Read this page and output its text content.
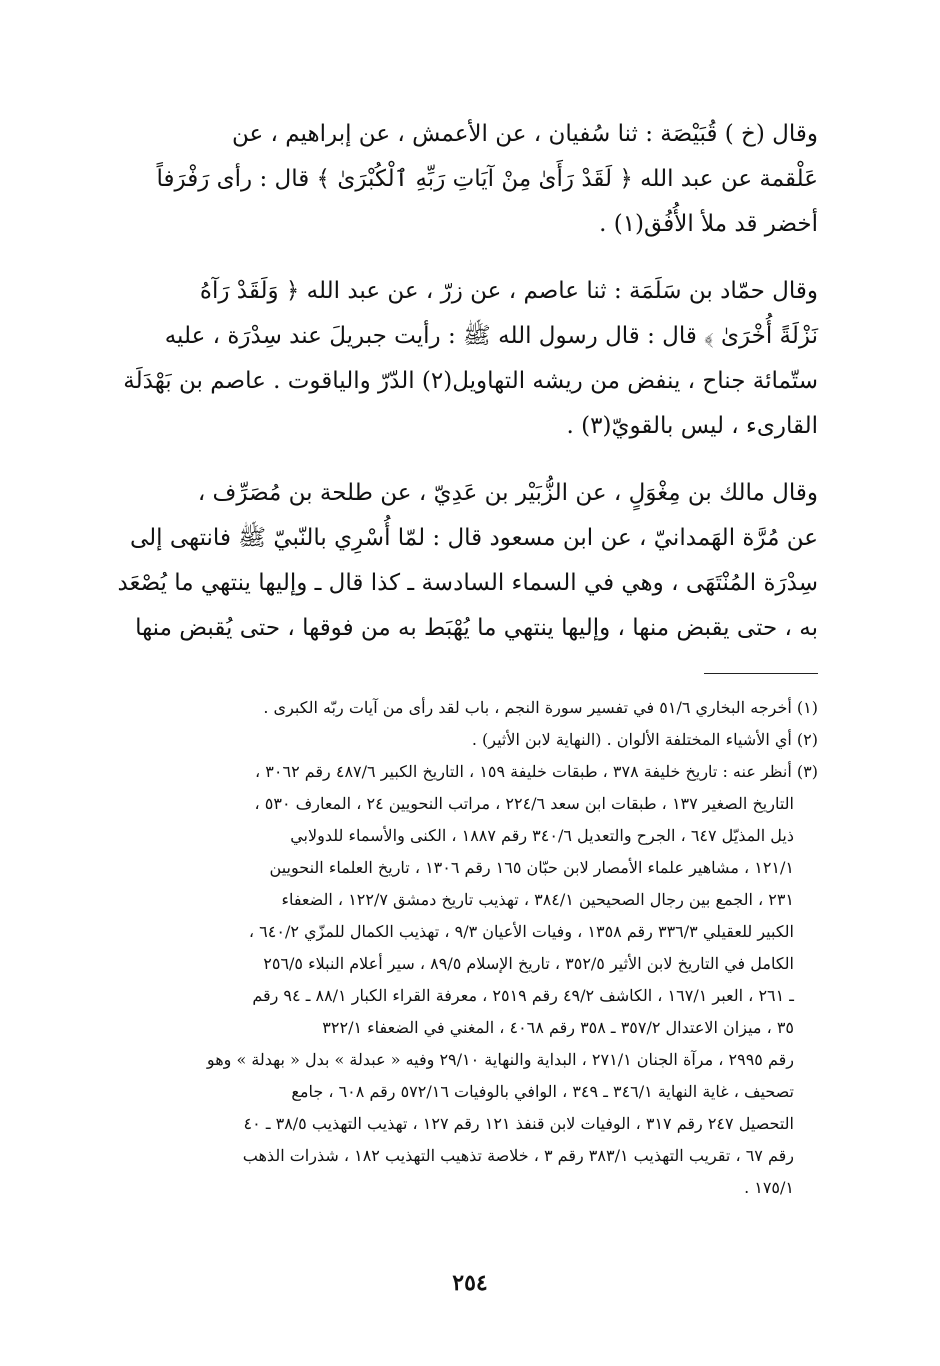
وقال (خ ) قُبَيْصَة : ثنا سُفيان ، عن الأعمش ، عن إبراهيم ، عن
عَلْقمة عن عبد الله ﴿ لَقَدْ رَأَىٰ مِنْ آيَاتِ رَبِّهِ ٱلْكُبْرَىٰ ﴾ قال : رأى رَفْرَفاً
أخضر قد ملأ الأُفُق(١) .
وقال حمّاد بن سَلَمَة : ثنا عاصم ، عن زرّ ، عن عبد الله ﴿ وَلَقَدْ رَآهُ
نَزْلَةً أُخْرَىٰ ﴾ قال : قال رسول الله ﷺ : رأيت جبريلَ عند سِدْرَة ، عليه
ستّمائة جناح ، ينفض من ريشه التهاويل(٢) الدّرّ والياقوت . عاصم بن بَهْدَلَة
القارىء ، ليس بالقويّ(٣) .
وقال مالك بن مِغْوَلٍ ، عن الزُّبَيْر بن عَدِيّ ، عن طلحة بن مُصَرِّف ،
عن مُرَّة الهَمدانيّ ، عن ابن مسعود قال : لمّا أُسْرِي بالنّبيّ ﷺ فانتهى إلى
سِدْرَة المُنْتَهَى ، وهي في السماء السادسة ـ كذا قال ـ وإليها ينتهي ما يُصْعَد
به ، حتى يقبض منها ، وإليها ينتهي ما يُهْبَط به من فوقها ، حتى يُقبض منها
(١) أخرجه البخاري ٥١/٦ في تفسير سورة النجم ، باب لقد رأى من آيات ربّه الكبرى .
(٢) أي الأشياء المختلفة الألوان . (النهاية لابن الأثير) .
(٣) أنظر عنه : تاريخ خليفة ٣٧٨ ، طبقات خليفة ١٥٩ ، التاريخ الكبير ٤٨٧/٦ رقم ٣٠٦٢ ،
التاريخ الصغير ١٣٧ ، طبقات ابن سعد ٢٢٤/٦ ، مراتب النحويين ٢٤ ، المعارف ٥٣٠ ،
ذيل المذيّل ٦٤٧ ، الجرح والتعديل ٣٤٠/٦ رقم ١٨٨٧ ، الكنى والأسماء للدولابي
١٢١/١ ، مشاهير علماء الأمصار لابن حبّان ١٦٥ رقم ١٣٠٦ ، تاريخ العلماء النحويين
٢٣١ ، الجمع بين رجال الصحيحين ٣٨٤/١ ، تهذيب تاريخ دمشق ١٢٢/٧ ، الضعفاء
الكبير للعقيلي ٣٣٦/٣ رقم ١٣٥٨ ، وفيات الأعيان ٩/٣ ، تهذيب الكمال للمزّي ٦٤٠/٢ ،
الكامل في التاريخ لابن الأثير ٣٥٢/٥ ، تاريخ الإسلام ٨٩/٥ ، سير أعلام النبلاء ٢٥٦/٥
ـ ٢٦١ ، العبر ١٦٧/١ ، الكاشف ٤٩/٢ رقم ٢٥١٩ ، معرفة القراء الكبار ٨٨/١ ـ ٩٤ رقم
٣٥ ، ميزان الاعتدال ٣٥٧/٢ ـ ٣٥٨ رقم ٤٠٦٨ ، المغني في الضعفاء ٣٢٢/١
رقم ٢٩٩٥ ، مرآة الجنان ٢٧١/١ ، البداية والنهاية ٢٩/١٠ وفيه « عبدلة » بدل « بهدلة » وهو
تصحيف ، غاية النهاية ٣٤٦/١ ـ ٣٤٩ ، الوافي بالوفيات ٥٧٢/١٦ رقم ٦٠٨ ، جامع
التحصيل ٢٤٧ رقم ٣١٧ ، الوفيات لابن قنفذ ١٢١ رقم ١٢٧ ، تهذيب التهذيب ٣٨/٥ ـ ٤٠
رقم ٦٧ ، تقريب التهذيب ٣٨٣/١ رقم ٣ ، خلاصة تذهيب التهذيب ١٨٢ ، شذرات الذهب
١٧٥/١ .
٢٥٤
